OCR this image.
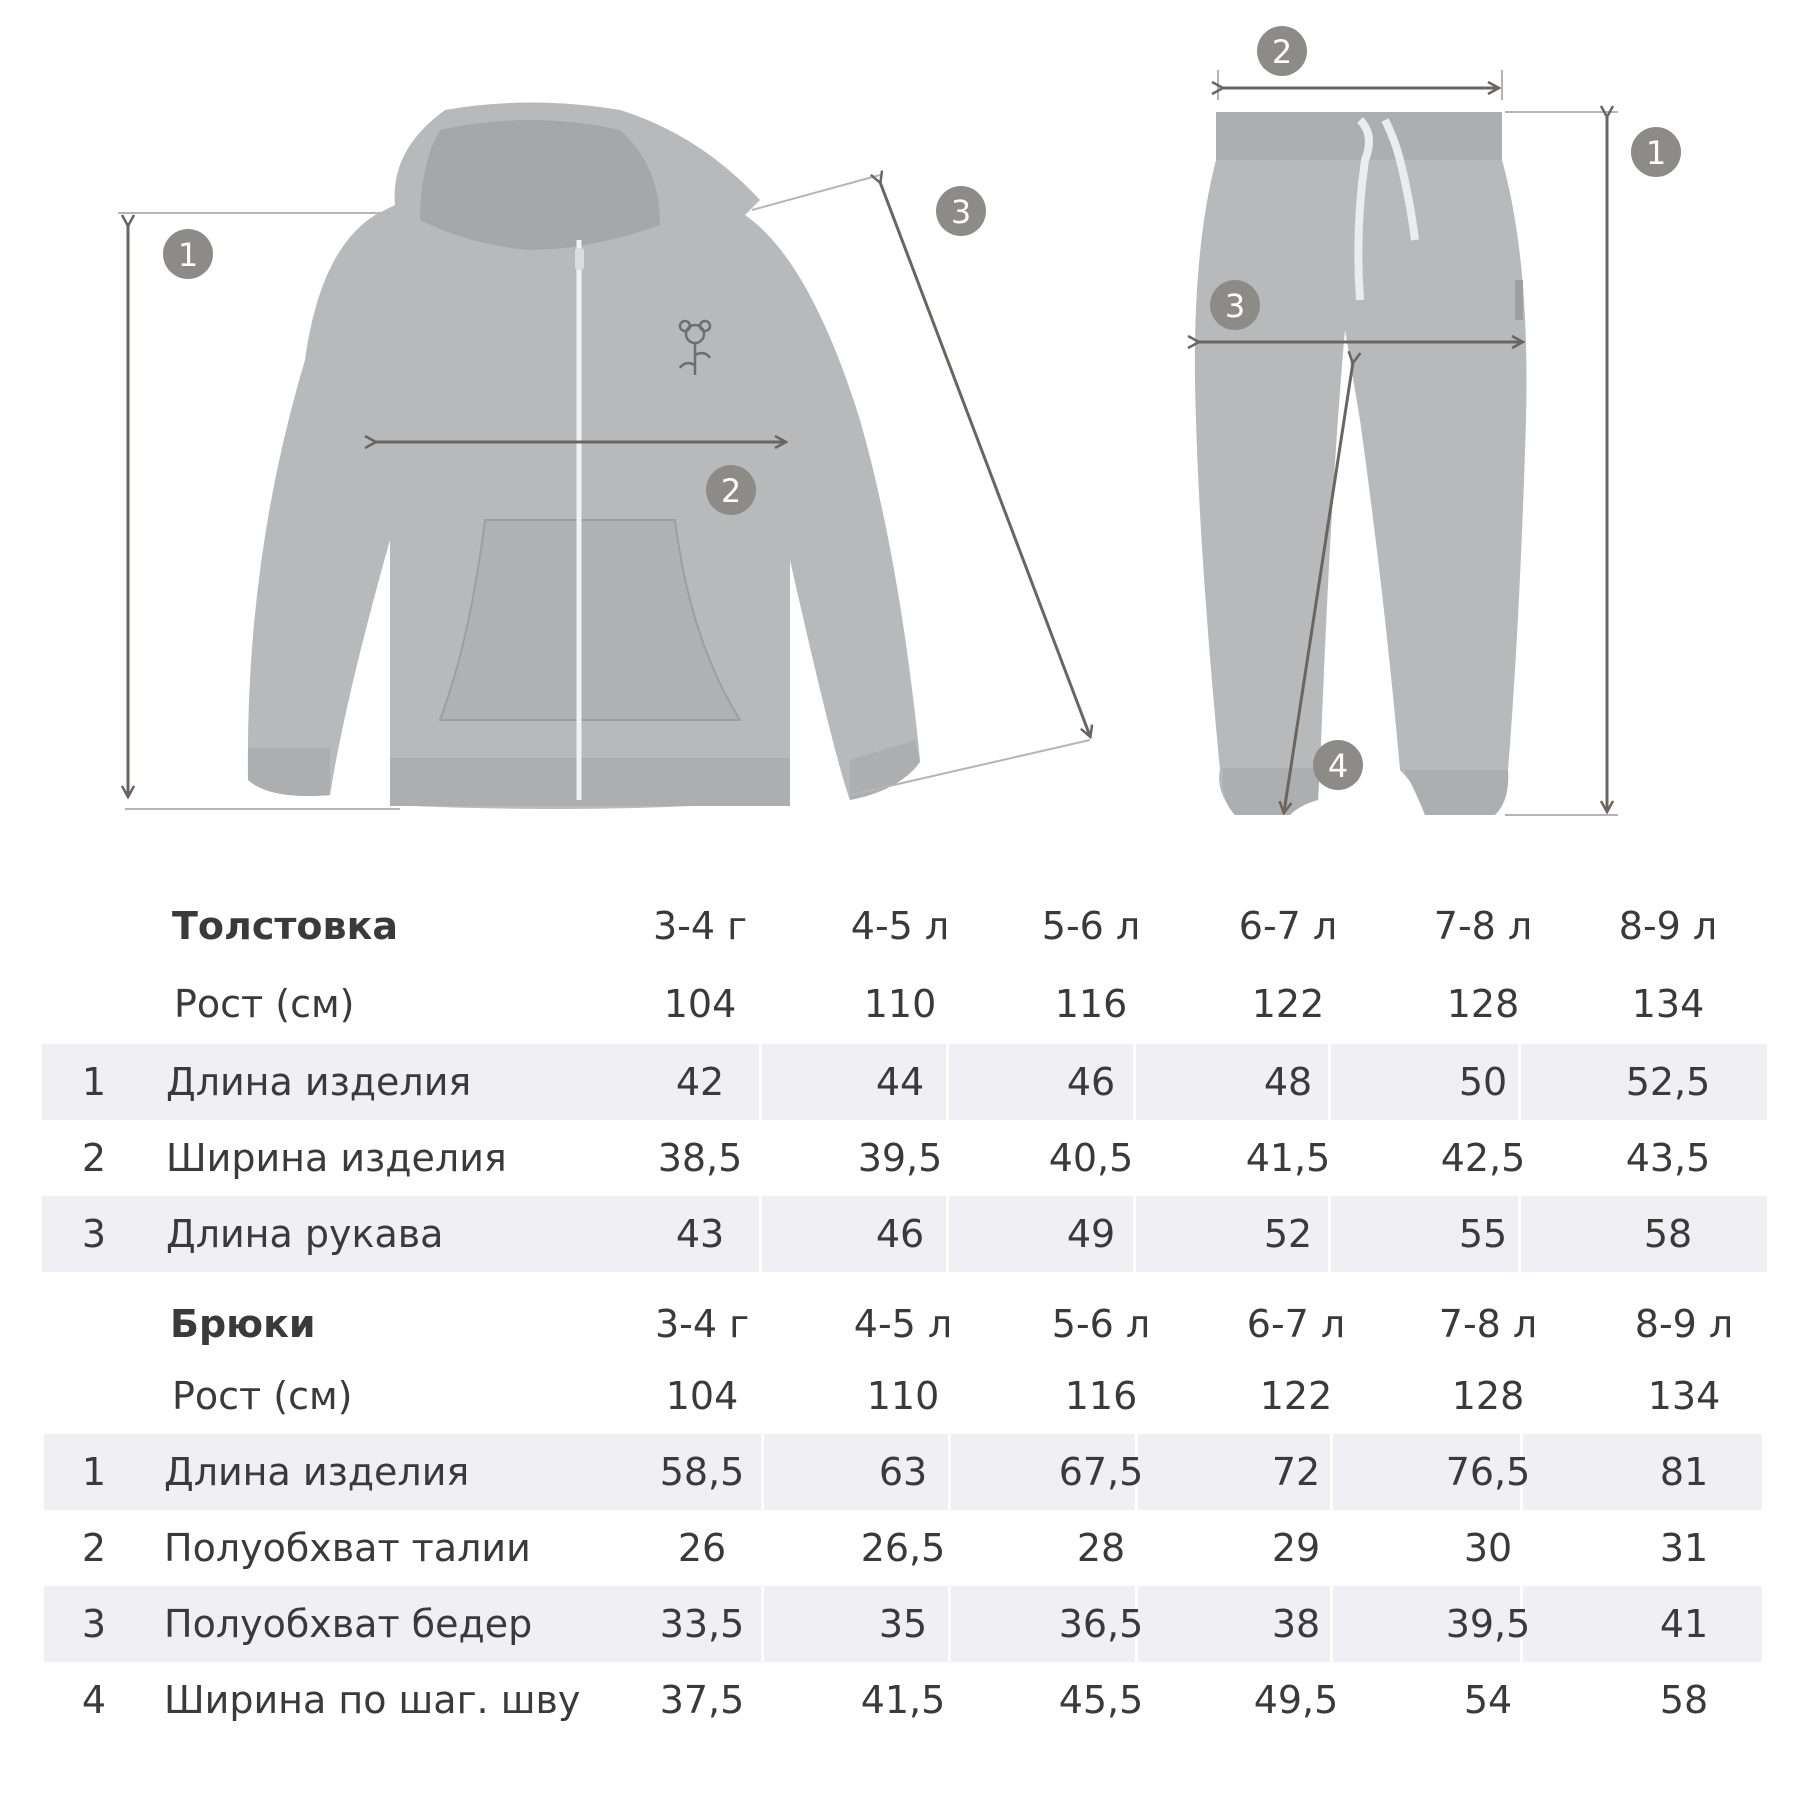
1
2
3
2
1
3
4
Толстовка	3-4 г	4-5 л	5-6 л	6-7 л	7-8 л	8-9 л
Рост (см)	104	110	116	122	128	134
1	Длина изделия	42	44	46	48	50	52,5
2	Ширина изделия	38,5	39,5	40,5	41,5	42,5	43,5
3	Длина рукава	43	46	49	52	55	58
Брюки	3-4 г	4-5 л	5-6 л	6-7 л	7-8 л	8-9 л
Рост (см)	104	110	116	122	128	134
1	Длина изделия	58,5	63	67,5	72	76,5	81
2	Полуобхват талии	26	26,5	28	29	30	31
3	Полуобхват бедер	33,5	35	36,5	38	39,5	41
4	Ширина по шаг. шву	37,5	41,5	45,5	49,5	54	58
